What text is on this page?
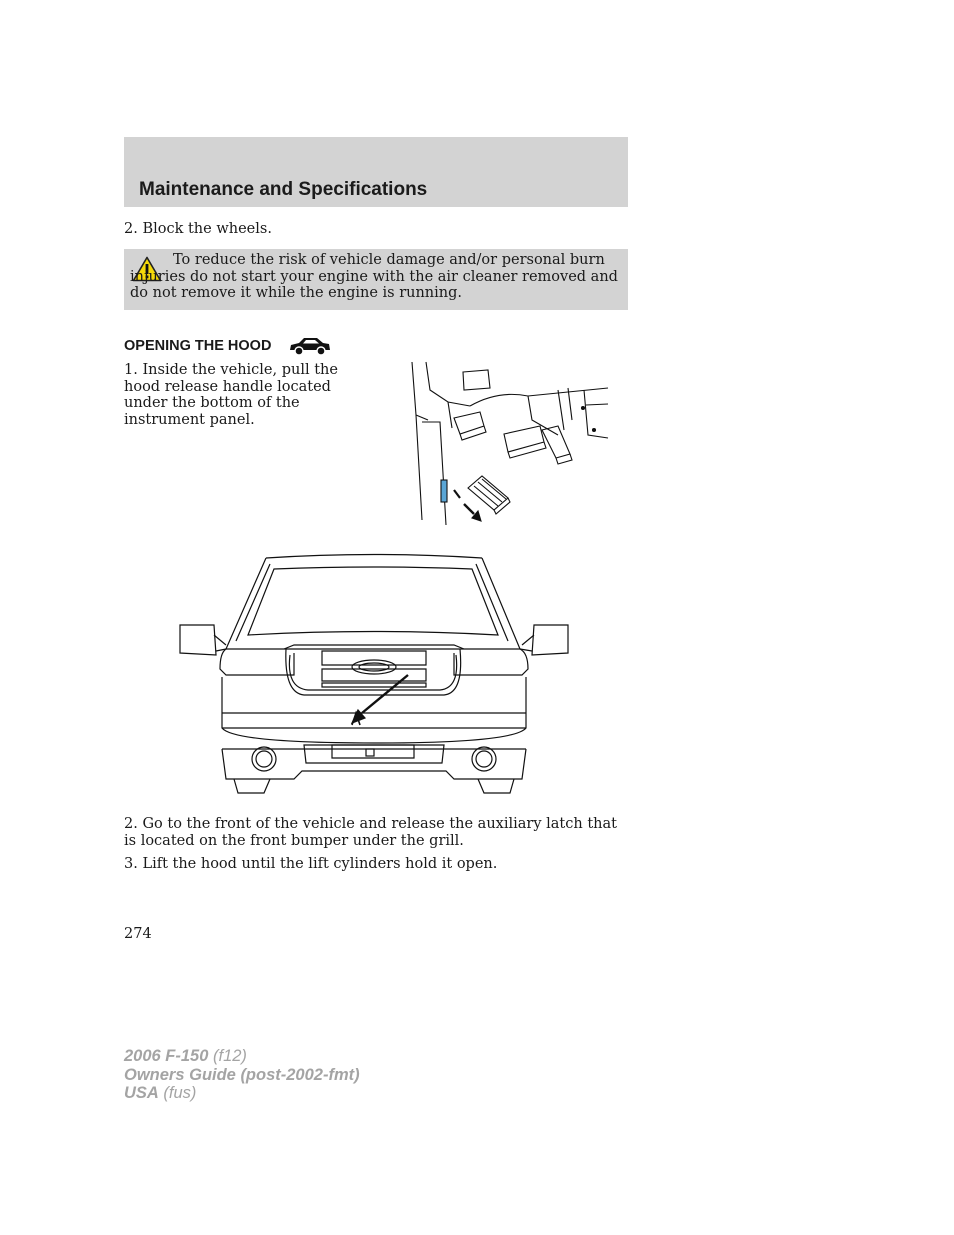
Maintenance and Specifications

2. Block the wheels.

To reduce the risk of vehicle damage and/or personal burn injuries do not start your engine with the air cleaner removed and do not remove it while the engine is running.

OPENING THE HOOD

1. Inside the vehicle, pull the hood release handle located under the bottom of the instrument panel.

2. Go to the front of the vehicle and release the auxiliary latch that is located on the front bumper under the grill.

3. Lift the hood until the lift cylinders hold it open.

274

2006 F-150 (f12)
Owners Guide (post-2002-fmt)
USA (fus)
